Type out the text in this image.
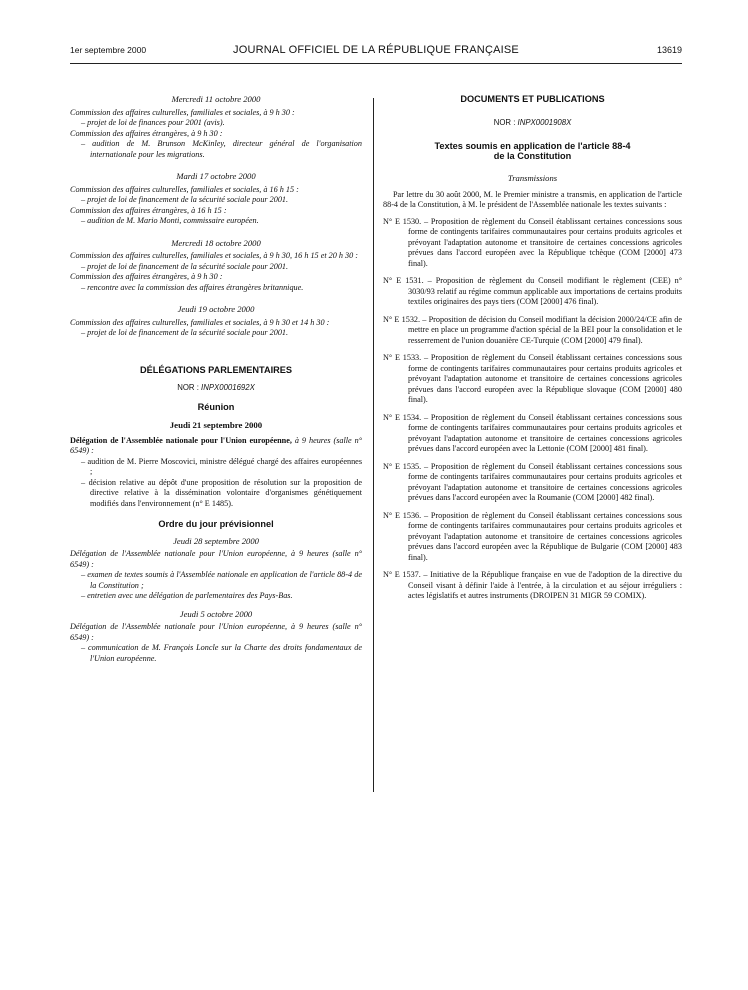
1er septembre 2000	JOURNAL OFFICIEL DE LA RÉPUBLIQUE FRANÇAISE	13619

Mercredi 11 octobre 2000

Commission des affaires culturelles, familiales et sociales, à 9 h 30 :

– projet de loi de finances pour 2001 (avis).

Commission des affaires étrangères, à 9 h 30 :

– audition de M. Brunson McKinley, directeur général de l'organisation internationale pour les migrations.

Mardi 17 octobre 2000

Commission des affaires culturelles, familiales et sociales, à 16 h 15 :

– projet de loi de financement de la sécurité sociale pour 2001.

Commission des affaires étrangères, à 16 h 15 :

– audition de M. Mario Monti, commissaire européen.

Mercredi 18 octobre 2000

Commission des affaires culturelles, familiales et sociales, à 9 h 30, 16 h 15 et 20 h 30 :

– projet de loi de financement de la sécurité sociale pour 2001.

Commission des affaires étrangères, à 9 h 30 :

– rencontre avec la commission des affaires étrangères britannique.

Jeudi 19 octobre 2000

Commission des affaires culturelles, familiales et sociales, à 9 h 30 et 14 h 30 :

– projet de loi de financement de la sécurité sociale pour 2001.

DÉLÉGATIONS PARLEMENTAIRES

NOR : INPX0001692X

Réunion

Jeudi 21 septembre 2000

Délégation de l'Assemblée nationale pour l'Union européenne, à 9 heures (salle n° 6549) :

– audition de M. Pierre Moscovici, ministre délégué chargé des affaires européennes ;

– décision relative au dépôt d'une proposition de résolution sur la proposition de directive relative à la dissémination volontaire d'organismes génétiquement modifiés dans l'environnement (n° E 1485).

Ordre du jour prévisionnel

Jeudi 28 septembre 2000

Délégation de l'Assemblée nationale pour l'Union européenne, à 9 heures (salle n° 6549) :

– examen de textes soumis à l'Assemblée nationale en application de l'article 88-4 de la Constitution ;

– entretien avec une délégation de parlementaires des Pays-Bas.

Jeudi 5 octobre 2000

Délégation de l'Assemblée nationale pour l'Union européenne, à 9 heures (salle n° 6549) :

– communication de M. François Loncle sur la Charte des droits fondamentaux de l'Union européenne.

DOCUMENTS ET PUBLICATIONS

NOR : INPX0001908X

Textes soumis en application de l'article 88-4

de la Constitution

Transmissions

Par lettre du 30 août 2000, M. le Premier ministre a transmis, en application de l'article 88-4 de la Constitution, à M. le président de l'Assemblée nationale les textes suivants :

N° E 1530. – Proposition de règlement du Conseil établissant certaines concessions sous forme de contingents tarifaires communautaires pour certains produits agricoles et prévoyant l'adaptation autonome et transitoire de certaines concessions agricoles prévues dans l'accord européen avec la République tchèque (COM [2000] 473 final).

N° E 1531. – Proposition de règlement du Conseil modifiant le règlement (CEE) n° 3030/93 relatif au régime commun applicable aux importations de certains produits textiles originaires des pays tiers (COM [2000] 476 final).

N° E 1532. – Proposition de décision du Conseil modifiant la décision 2000/24/CE afin de mettre en place un programme d'action spécial de la BEI pour la consolidation et le resserrement de l'union douanière CE-Turquie (COM [2000] 479 final).

N° E 1533. – Proposition de règlement du Conseil établissant certaines concessions sous forme de contingents tarifaires communautaires pour certains produits agricoles et prévoyant l'adaptation autonome et transitoire de certaines concessions agricoles prévues dans l'accord européen avec la République slovaque (COM [2000] 480 final).

N° E 1534. – Proposition de règlement du Conseil établissant certaines concessions sous forme de contingents tarifaires communautaires pour certains produits agricoles et prévoyant l'adaptation autonome et transitoire de certaines concessions agricoles prévues dans l'accord européen avec la Lettonie (COM [2000] 481 final).

N° E 1535. – Proposition de règlement du Conseil établissant certaines concessions sous forme de contingents tarifaires communautaires pour certains produits agricoles et prévoyant l'adaptation autonome et transitoire de certaines concessions agricoles prévues dans l'accord européen avec la Roumanie (COM [2000] 482 final).

N° E 1536. – Proposition de règlement du Conseil établissant certaines concessions sous forme de contingents tarifaires communautaires pour certains produits agricoles et prévoyant l'adaptation autonome et transitoire de certaines concessions agricoles prévues dans l'accord européen avec la République de Bulgarie (COM [2000] 483 final).

N° E 1537. – Initiative de la République française en vue de l'adoption de la directive du Conseil visant à définir l'aide à l'entrée, à la circulation et au séjour irréguliers : actes législatifs et autres instruments (DROIPEN 31 MIGR 59 COMIX).
